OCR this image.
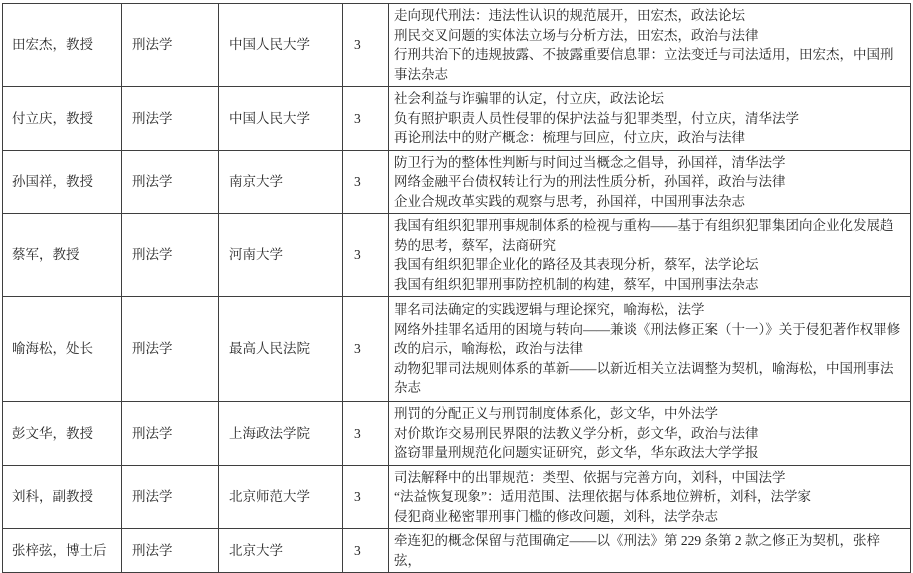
田宏杰，教授	刑法学	中国人民大学	3	走向现代刑法：违法性认识的规范展开，田宏杰，政法论坛
刑民交叉问题的实体法立场与分析方法，田宏杰，政治与法律
行刑共治下的违规披露、不披露重要信息罪：立法变迁与司法适用，田宏杰，中国刑事法杂志

付立庆，教授	刑法学	中国人民大学	3	社会利益与诈骗罪的认定，付立庆，政法论坛
负有照护职责人员性侵罪的保护法益与犯罪类型，付立庆，清华法学
再论刑法中的财产概念：梳理与回应，付立庆，政治与法律

孙国祥，教授	刑法学	南京大学	3	防卫行为的整体性判断与时间过当概念之倡导，孙国祥，清华法学
网络金融平台债权转让行为的刑法性质分析，孙国祥，政治与法律
企业合规改革实践的观察与思考，孙国祥，中国刑事法杂志

蔡军，教授	刑法学	河南大学	3	我国有组织犯罪刑事规制体系的检视与重构——基于有组织犯罪集团向企业化发展趋势的思考，蔡军，法商研究
我国有组织犯罪企业化的路径及其表现分析，蔡军，法学论坛
我国有组织犯罪刑事防控机制的构建，蔡军，中国刑事法杂志

喻海松，处长	刑法学	最高人民法院	3	罪名司法确定的实践逻辑与理论探究，喻海松，法学
网络外挂罪名适用的困境与转向——兼谈《刑法修正案（十一）》关于侵犯著作权罪修改的启示，喻海松，政治与法律
动物犯罪司法规则体系的革新——以新近相关立法调整为契机，喻海松，中国刑事法杂志

彭文华，教授	刑法学	上海政法学院	3	刑罚的分配正义与刑罚制度体系化，彭文华，中外法学
对价欺诈交易刑民界限的法教义学分析，彭文华，政治与法律
盗窃罪量刑规范化问题实证研究，彭文华，华东政法大学学报

刘科，副教授	刑法学	北京师范大学	3	司法解释中的出罪规范：类型、依据与完善方向，刘科，中国法学
“法益恢复现象”：适用范围、法理依据与体系地位辨析，刘科，法学家
侵犯商业秘密罪刑事门槛的修改问题，刘科，法学杂志

张梓弦，博士后	刑法学	北京大学	3	牵连犯的概念保留与范围确定——以《刑法》第 229 条第 2 款之修正为契机，张梓弦，
